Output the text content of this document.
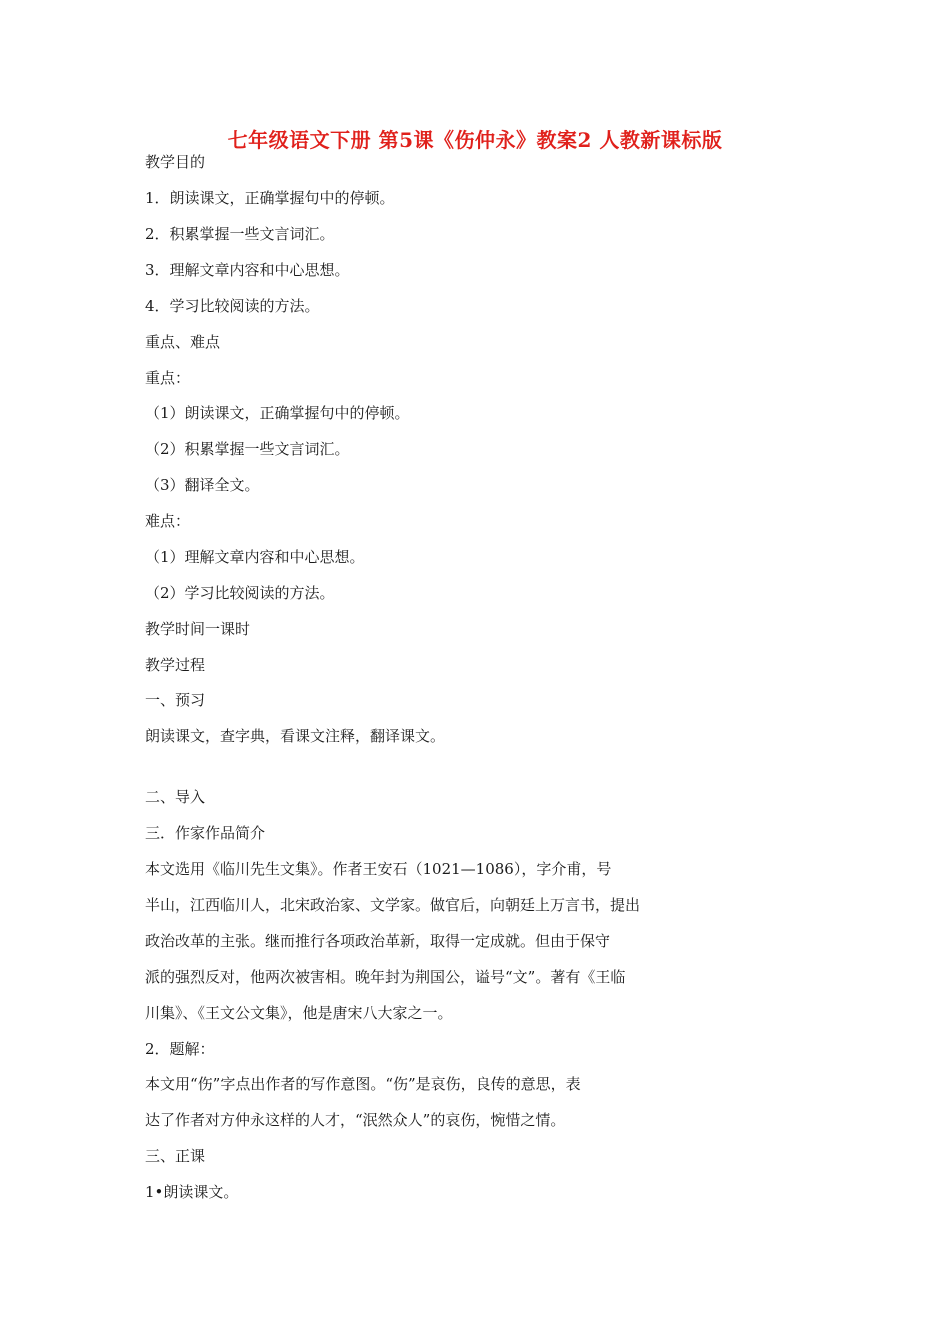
七年级语文下册 第5课《伤仲永》教案2 人教新课标版
教学目的
1．朗读课文，正确掌握句中的停顿。
2．积累掌握一些文言词汇。
3．理解文章内容和中心思想。
4．学习比较阅读的方法。
重点、难点
重点：
（1）朗读课文，正确掌握句中的停顿。
（2）积累掌握一些文言词汇。
（3）翻译全文。
难点：
（1）理解文章内容和中心思想。
（2）学习比较阅读的方法。
教学时间一课时
教学过程
一、预习
朗读课文，查字典，看课文注释，翻译课文。
二、导入
三．作家作品简介
本文选用《临川先生文集》。作者王安石（1021—1086），字介甫，号
半山，江西临川人，北宋政治家、文学家。做官后，向朝廷上万言书，提出
政治改革的主张。继而推行各项政治革新，取得一定成就。但由于保守
派的强烈反对，他两次被害相。晚年封为荆国公，谥号“文”。著有《王临
川集》、《王文公文集》，他是唐宋八大家之一。
2．题解：
本文用“伤”字点出作者的写作意图。“伤”是哀伤，良传的意思，表
达了作者对方仲永这样的人才，“泯然众人”的哀伤，惋惜之情。
三、正课
1•朗读课文。
